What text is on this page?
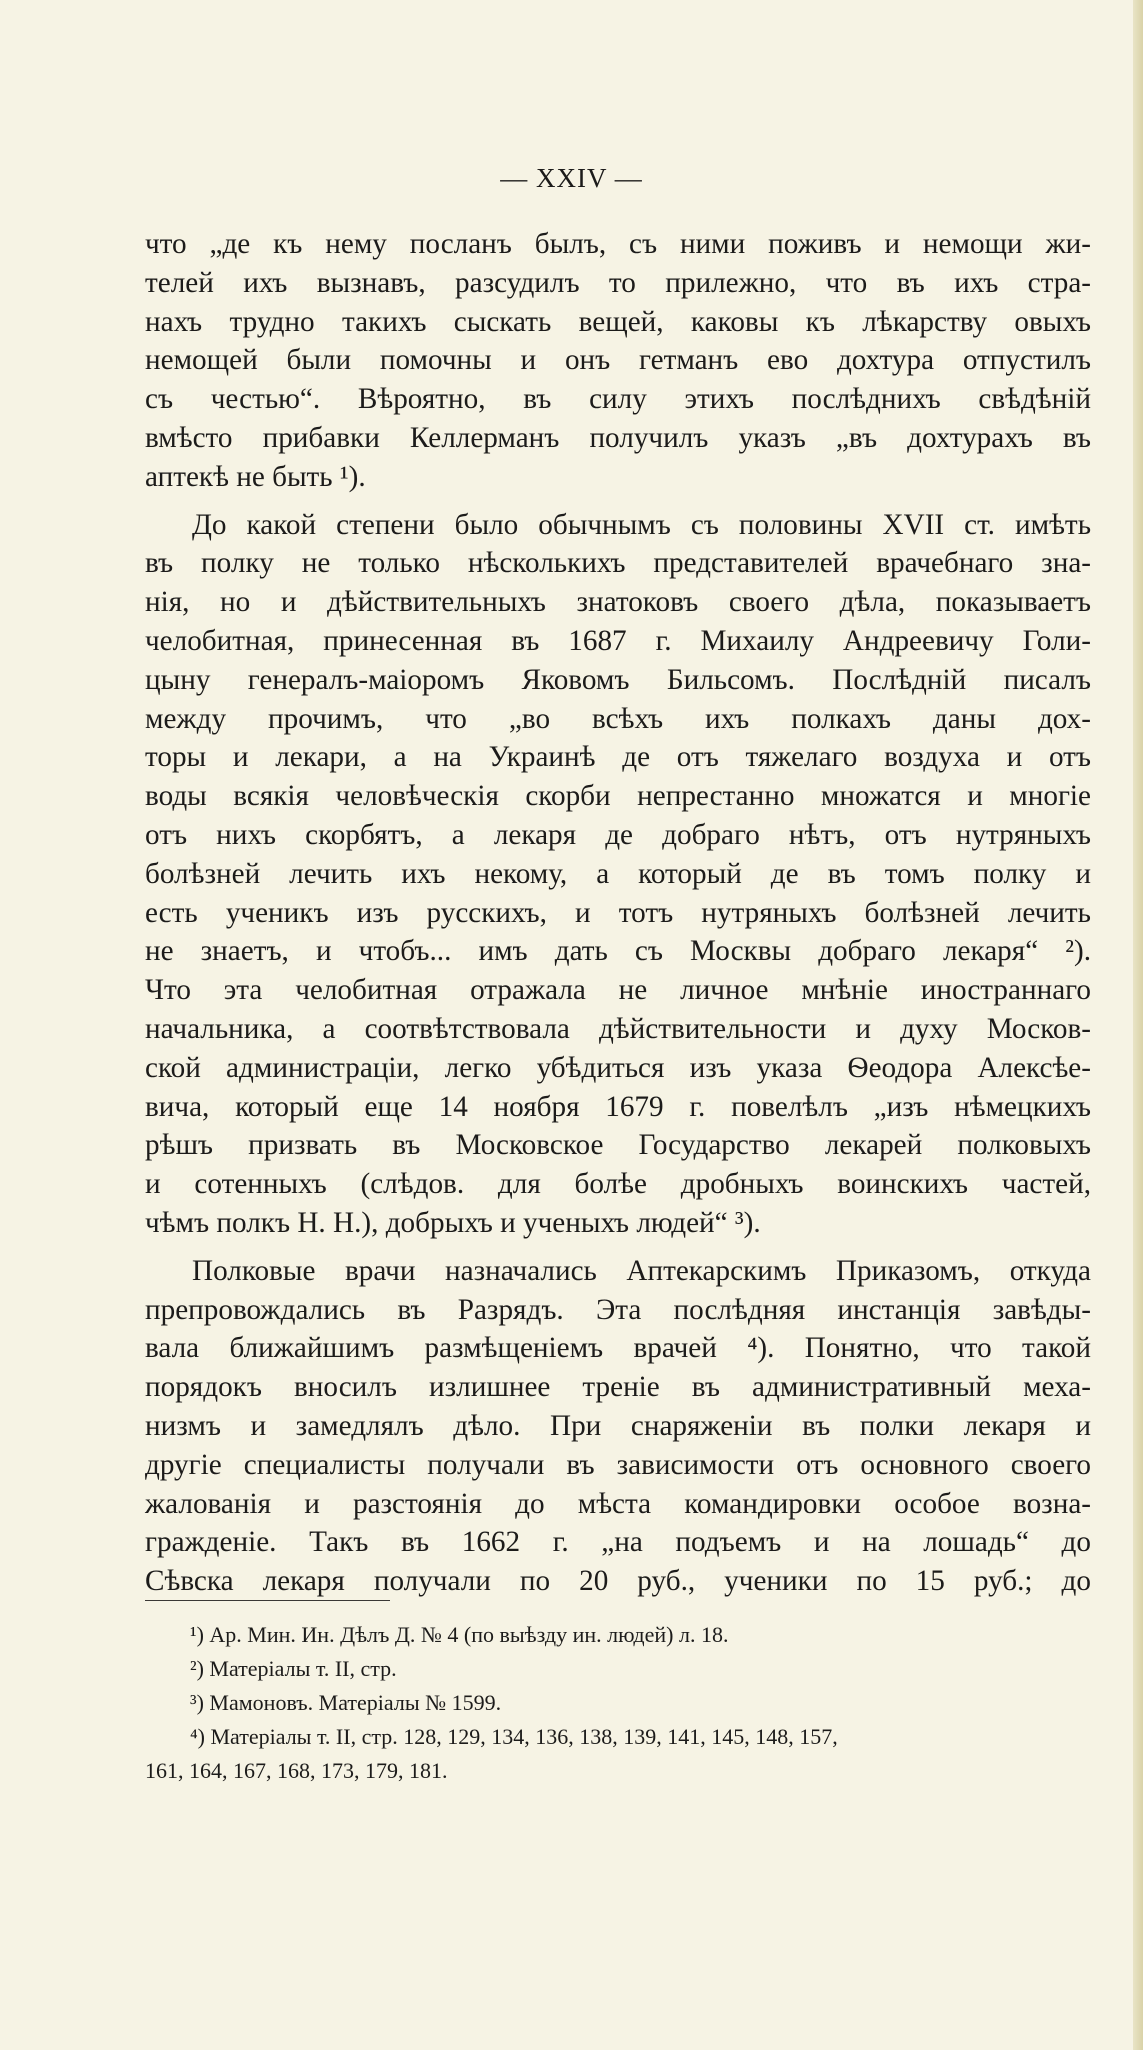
— XXIV —
что „де къ нему посланъ былъ, съ ними поживъ и немощи жи-
телей ихъ вызнавъ, разсудилъ то прилежно, что въ ихъ стра-
нахъ трудно такихъ сыскать вещей, каковы къ лѣкарству овыхъ
немощей были помочны и онъ гетманъ ево дохтура отпустилъ
съ честью“. Вѣроятно, въ силу этихъ послѣднихъ свѣдѣнiй
вмѣсто прибавки Келлерманъ получилъ указъ „въ дохтурахъ въ
аптекѣ не быть ¹).
До какой степени было обычнымъ съ половины XVII ст. имѣть
въ полку не только нѣсколькихъ представителей врачебнаго зна-
нiя, но и дѣйствительныхъ знатоковъ своего дѣла, показываетъ
челобитная, принесенная въ 1687 г. Михаилу Андреевичу Голи-
цыну генералъ-маiоромъ Яковомъ Бильсомъ. Послѣднiй писалъ
между прочимъ, что „во всѣхъ ихъ полкахъ даны дох-
торы и лекари, а на Украинѣ де отъ тяжелаго воздуха и отъ
воды всякiя человѣческiя скорби непрестанно множатся и многiе
отъ нихъ скорбятъ, а лекаря де добраго нѣтъ, отъ нутряныхъ
болѣзней лечить ихъ некому, а который де въ томъ полку и
есть ученикъ изъ русскихъ, и тотъ нутряныхъ болѣзней лечить
не знаетъ, и чтобъ... имъ дать съ Москвы добраго лекаря“ ²).
Что эта челобитная отражала не личное мнѣнiе иностраннаго
начальника, а соотвѣтствовала дѣйствительности и духу Москов-
ской администрацiи, легко убѣдиться изъ указа Ѳеодора Алексѣе-
вича, который еще 14 ноября 1679 г. повелѣлъ „изъ нѣмецкихъ
рѣшъ призвать въ Московское Государство лекарей полковыхъ
и сотенныхъ (слѣдов. для болѣе дробныхъ воинскихъ частей,
чѣмъ полкъ Н. Н.), добрыхъ и ученыхъ людей“ ³).
Полковые врачи назначались Аптекарскимъ Приказомъ, откуда
препровождались въ Разрядъ. Эта послѣдняя инстанцiя завѣды-
вала ближайшимъ размѣщенiемъ врачей ⁴). Понятно, что такой
порядокъ вносилъ излишнее тренiе въ административный меха-
низмъ и замедлялъ дѣло. При снаряженiи въ полки лекаря и
другiе специалисты получали въ зависимости отъ основного своего
жалованiя и разстоянiя до мѣста командировки особое возна-
гражденiе. Такъ въ 1662 г. „на подъемъ и на лошадь“ до
Сѣвска лекаря получали по 20 руб., ученики по 15 руб.; до
¹) Ар. Мин. Ин. Дѣлъ Д. № 4 (по выѣзду ин. людей) л. 18.
²) Матерiалы т. II, стр.
³) Мамоновъ. Матерiалы № 1599.
⁴) Матерiалы т. II, стр. 128, 129, 134, 136, 138, 139, 141, 145, 148, 157,
161, 164, 167, 168, 173, 179, 181.
